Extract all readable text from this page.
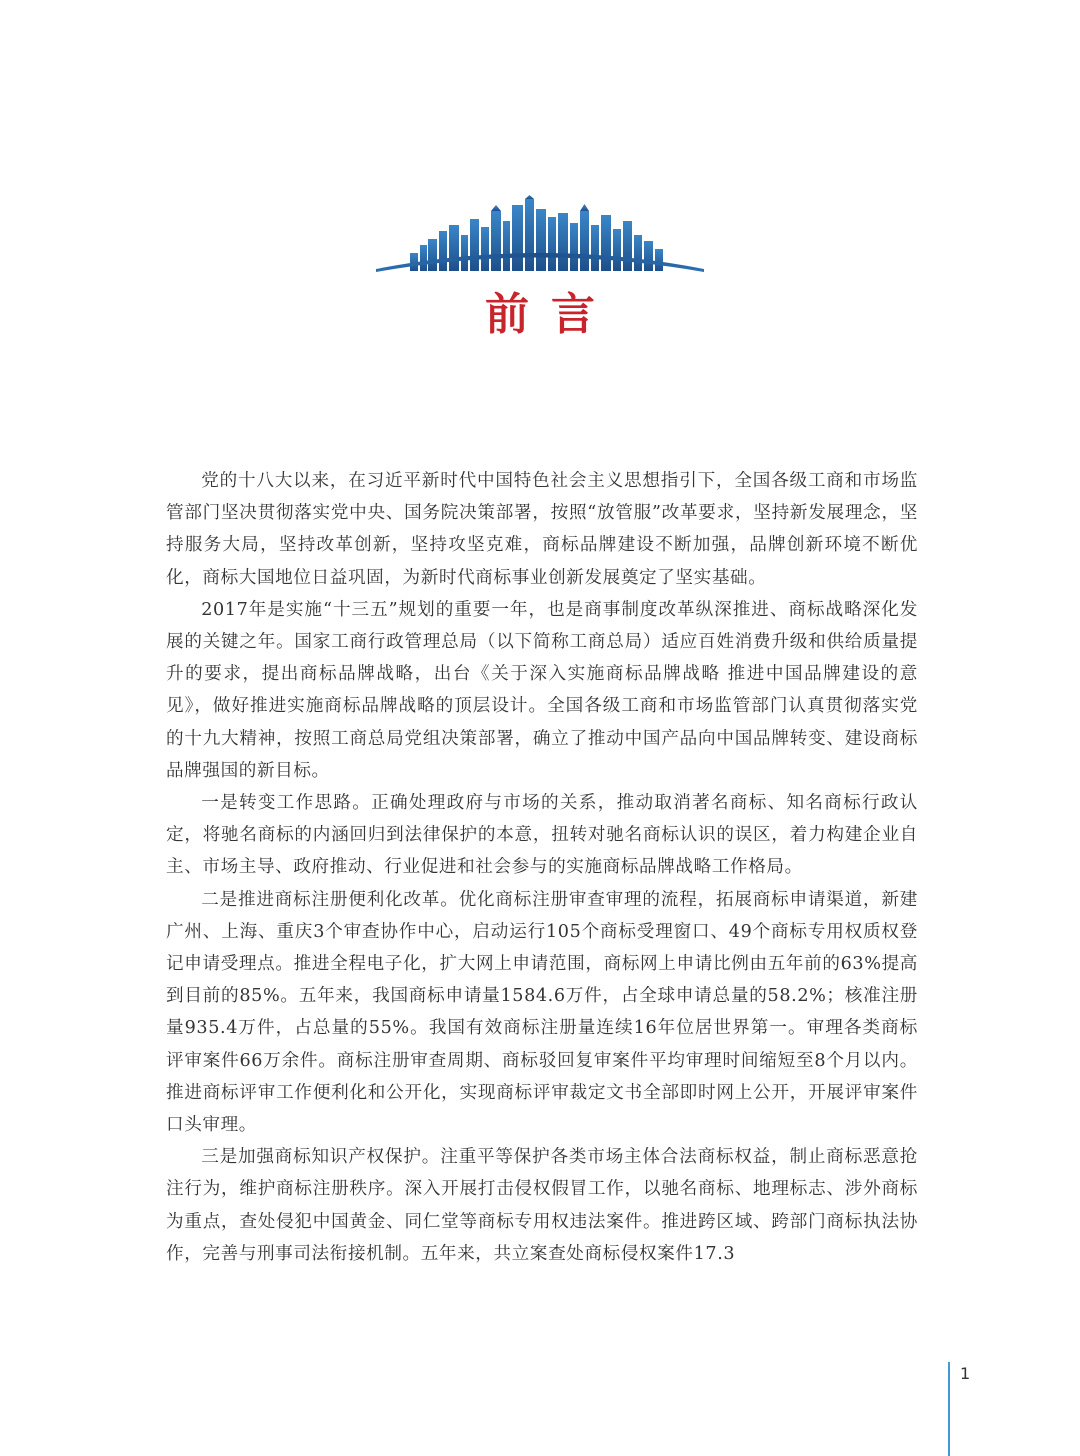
前言

党的十八大以来，在习近平新时代中国特色社会主义思想指引下，全国各级工商和市场监管部门坚决贯彻落实党中央、国务院决策部署，按照“放管服”改革要求，坚持新发展理念，坚持服务大局，坚持改革创新，坚持攻坚克难，商标品牌建设不断加强，品牌创新环境不断优化，商标大国地位日益巩固，为新时代商标事业创新发展奠定了坚实基础。

2017年是实施“十三五”规划的重要一年，也是商事制度改革纵深推进、商标战略深化发展的关键之年。国家工商行政管理总局（以下简称工商总局）适应百姓消费升级和供给质量提升的要求，提出商标品牌战略，出台《关于深入实施商标品牌战略 推进中国品牌建设的意见》，做好推进实施商标品牌战略的顶层设计。全国各级工商和市场监管部门认真贯彻落实党的十九大精神，按照工商总局党组决策部署，确立了推动中国产品向中国品牌转变、建设商标品牌强国的新目标。

一是转变工作思路。正确处理政府与市场的关系，推动取消著名商标、知名商标行政认定，将驰名商标的内涵回归到法律保护的本意，扭转对驰名商标认识的误区，着力构建企业自主、市场主导、政府推动、行业促进和社会参与的实施商标品牌战略工作格局。

二是推进商标注册便利化改革。优化商标注册审查审理的流程，拓展商标申请渠道，新建广州、上海、重庆3个审查协作中心，启动运行105个商标受理窗口、49个商标专用权质权登记申请受理点。推进全程电子化，扩大网上申请范围，商标网上申请比例由五年前的63%提高到目前的85%。五年来，我国商标申请量1584.6万件，占全球申请总量的58.2%；核准注册量935.4万件，占总量的55%。我国有效商标注册量连续16年位居世界第一。审理各类商标评审案件66万余件。商标注册审查周期、商标驳回复审案件平均审理时间缩短至8个月以内。推进商标评审工作便利化和公开化，实现商标评审裁定文书全部即时网上公开，开展评审案件口头审理。

三是加强商标知识产权保护。注重平等保护各类市场主体合法商标权益，制止商标恶意抢注行为，维护商标注册秩序。深入开展打击侵权假冒工作，以驰名商标、地理标志、涉外商标为重点，查处侵犯中国黄金、同仁堂等商标专用权违法案件。推进跨区域、跨部门商标执法协作，完善与刑事司法衔接机制。五年来，共立案查处商标侵权案件17.3

1
